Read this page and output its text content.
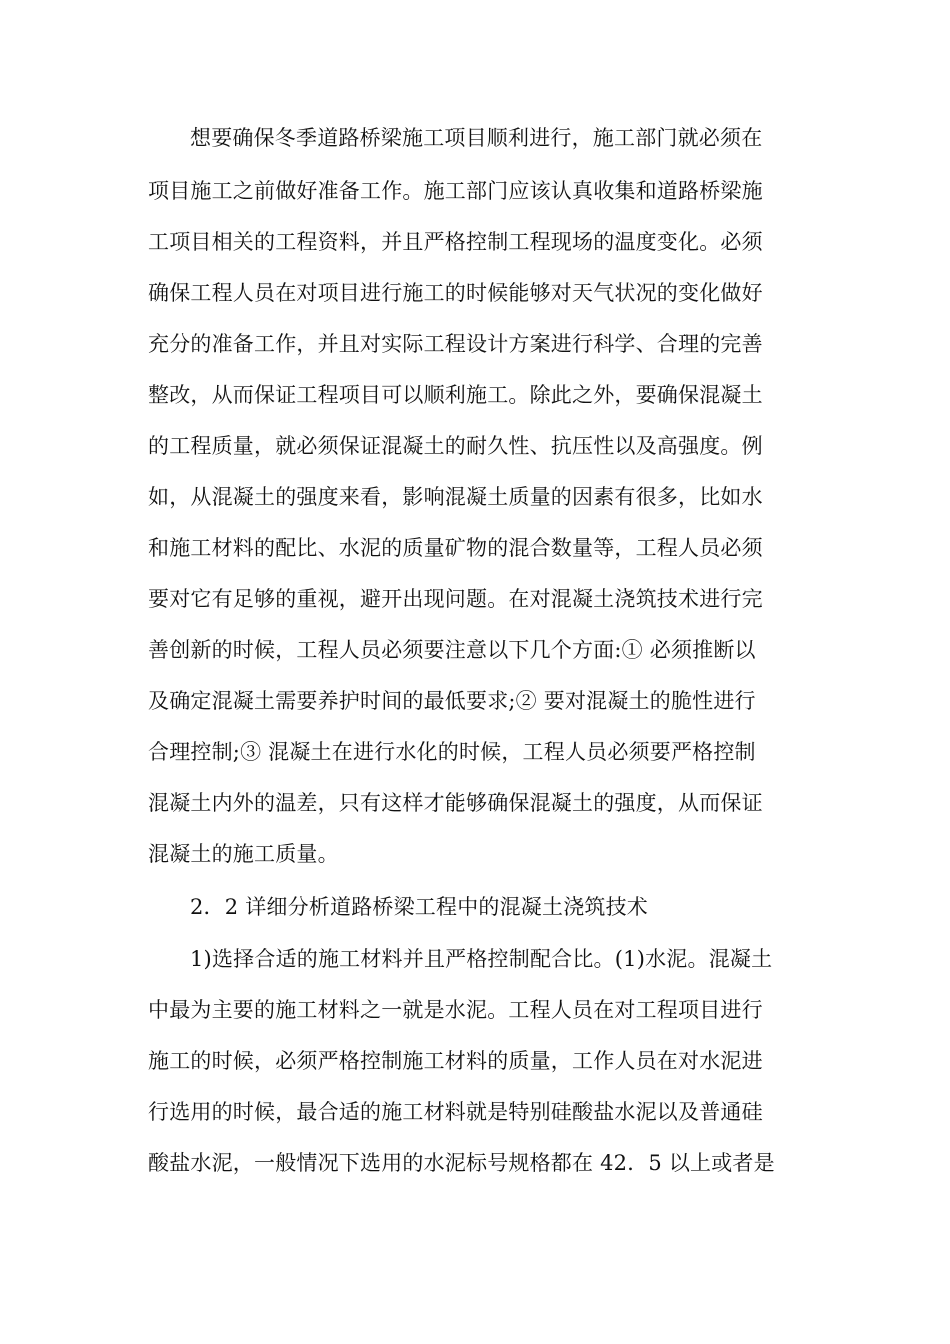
想要确保冬季道路桥梁施工项目顺利进行，施工部门就必须在
项目施工之前做好准备工作。施工部门应该认真收集和道路桥梁施
工项目相关的工程资料，并且严格控制工程现场的温度变化。必须
确保工程人员在对项目进行施工的时候能够对天气状况的变化做好
充分的准备工作，并且对实际工程设计方案进行科学、合理的完善
整改，从而保证工程项目可以顺利施工。除此之外，要确保混凝土
的工程质量，就必须保证混凝土的耐久性、抗压性以及高强度。例
如，从混凝土的强度来看，影响混凝土质量的因素有很多，比如水
和施工材料的配比、水泥的质量矿物的混合数量等，工程人员必须
要对它有足够的重视，避开出现问题。在对混凝土浇筑技术进行完
善创新的时候，工程人员必须要注意以下几个方面:① 必须推断以
及确定混凝土需要养护时间的最低要求;② 要对混凝土的脆性进行
合理控制;③ 混凝土在进行水化的时候，工程人员必须要严格控制
混凝土内外的温差，只有这样才能够确保混凝土的强度，从而保证
混凝土的施工质量。
2．2 详细分析道路桥梁工程中的混凝土浇筑技术
1)选择合适的施工材料并且严格控制配合比。(1)水泥。混凝土
中最为主要的施工材料之一就是水泥。工程人员在对工程项目进行
施工的时候，必须严格控制施工材料的质量，工作人员在对水泥进
行选用的时候，最合适的施工材料就是特别硅酸盐水泥以及普通硅
酸盐水泥，一般情况下选用的水泥标号规格都在 42．5 以上或者是
